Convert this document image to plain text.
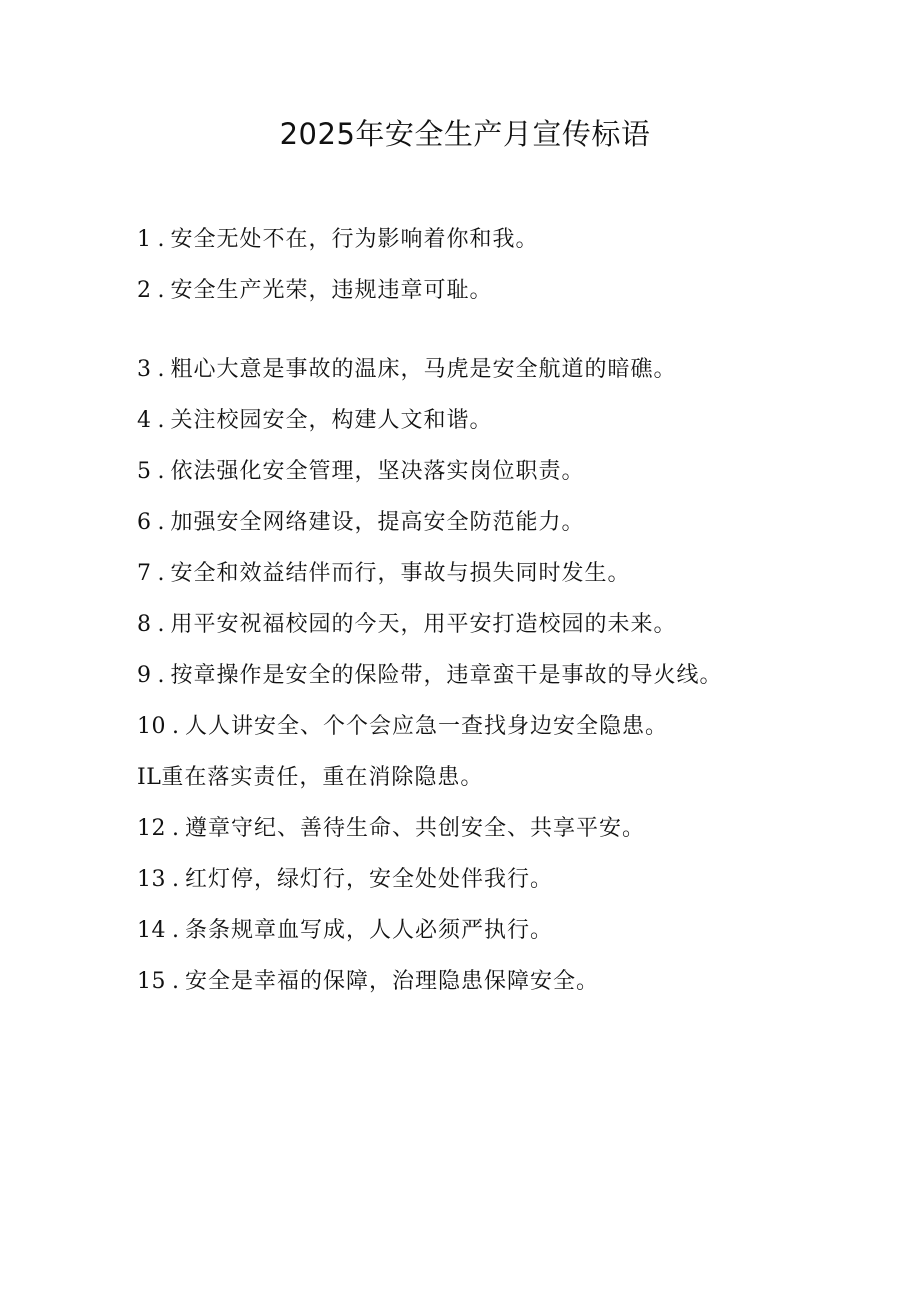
2025年安全生产月宣传标语
1 . 安全无处不在，行为影响着你和我。
2 . 安全生产光荣，违规违章可耻。
3 . 粗心大意是事故的温床，马虎是安全航道的暗礁。
4 . 关注校园安全，构建人文和谐。
5 . 依法强化安全管理，坚决落实岗位职责。
6 . 加强安全网络建设，提高安全防范能力。
7 . 安全和效益结伴而行，事故与损失同时发生。
8 . 用平安祝福校园的今天，用平安打造校园的未来。
9 . 按章操作是安全的保险带，违章蛮干是事故的导火线。
10 . 人人讲安全、个个会应急一查找身边安全隐患。
IL 重在落实责任，重在消除隐患。
12 . 遵章守纪、善待生命、共创安全、共享平安。
13 . 红灯停，绿灯行，安全处处伴我行。
14 . 条条规章血写成，人人必须严执行。
15 . 安全是幸福的保障，治理隐患保障安全。
